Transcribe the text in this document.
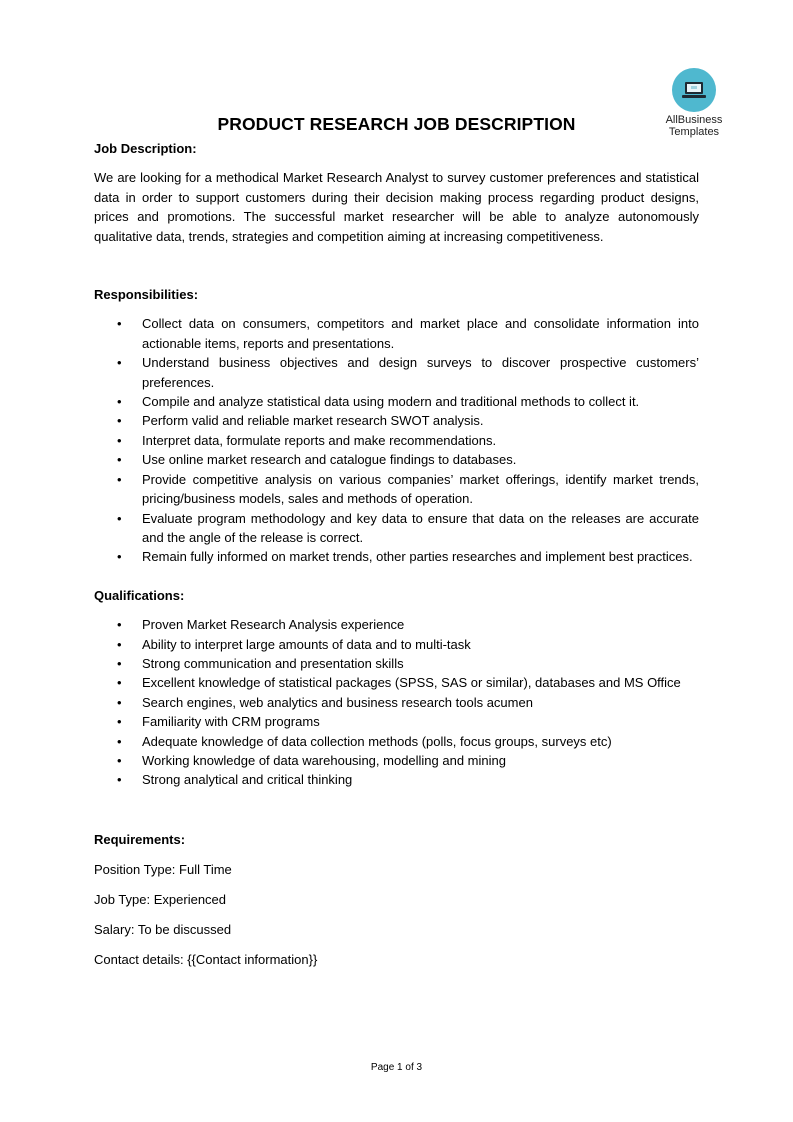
AllBusiness
Templates
PRODUCT RESEARCH JOB DESCRIPTION
Job Description:

We are looking for a methodical Market Research Analyst to survey customer preferences and statistical data in order to support customers during their decision making process regarding product designs, prices and promotions. The successful market researcher will be able to analyze autonomously qualitative data, trends, strategies and competition aiming at increasing competitiveness.

Responsibilities:
• Collect data on consumers, competitors and market place and consolidate information into actionable items, reports and presentations.
• Understand business objectives and design surveys to discover prospective customers’ preferences.
• Compile and analyze statistical data using modern and traditional methods to collect it.
• Perform valid and reliable market research SWOT analysis.
• Interpret data, formulate reports and make recommendations.
• Use online market research and catalogue findings to databases.
• Provide competitive analysis on various companies’ market offerings, identify market trends, pricing/business models, sales and methods of operation.
• Evaluate program methodology and key data to ensure that data on the releases are accurate and the angle of the release is correct.
• Remain fully informed on market trends, other parties researches and implement best practices.
Qualifications:
• Proven Market Research Analysis experience
• Ability to interpret large amounts of data and to multi-task
• Strong communication and presentation skills
• Excellent knowledge of statistical packages (SPSS, SAS or similar), databases and MS Office
• Search engines, web analytics and business research tools acumen
• Familiarity with CRM programs
• Adequate knowledge of data collection methods (polls, focus groups, surveys etc)
• Working knowledge of data warehousing, modelling and mining
• Strong analytical and critical thinking
Requirements:

Position Type: Full Time

Job Type: Experienced

Salary: To be discussed

Contact details: {{Contact information}}

Page 1 of 3
